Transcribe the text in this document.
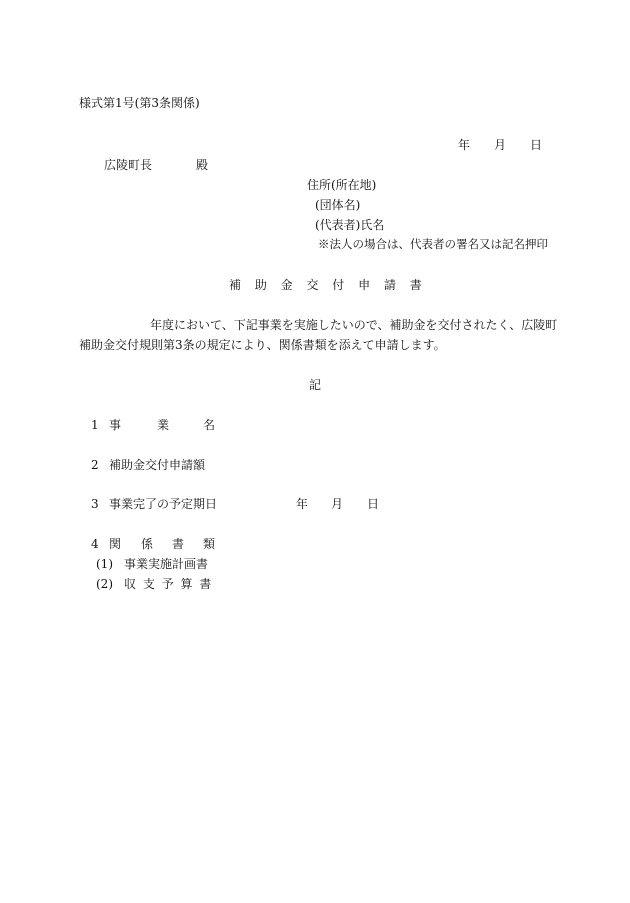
様式第1号(第3条関係)
年 月 日
広陵町長	殿
住所(所在地)
(団体名)
(代表者)氏名
※法人の場合は、代表者の署名又は記名押印
補 助 金 交 付 申 請 書
年度において、下記事業を実施したいので、補助金を交付されたく、広陵町
補助金交付規則第3条の規定により、関係書類を添えて申請します。
記
1 事	業	名
2 補助金交付申請額
3 事業完了の予定期日	年 月 日
4 関 係 書 類
(1) 事業実施計画書
(2) 収 支 予 算 書
